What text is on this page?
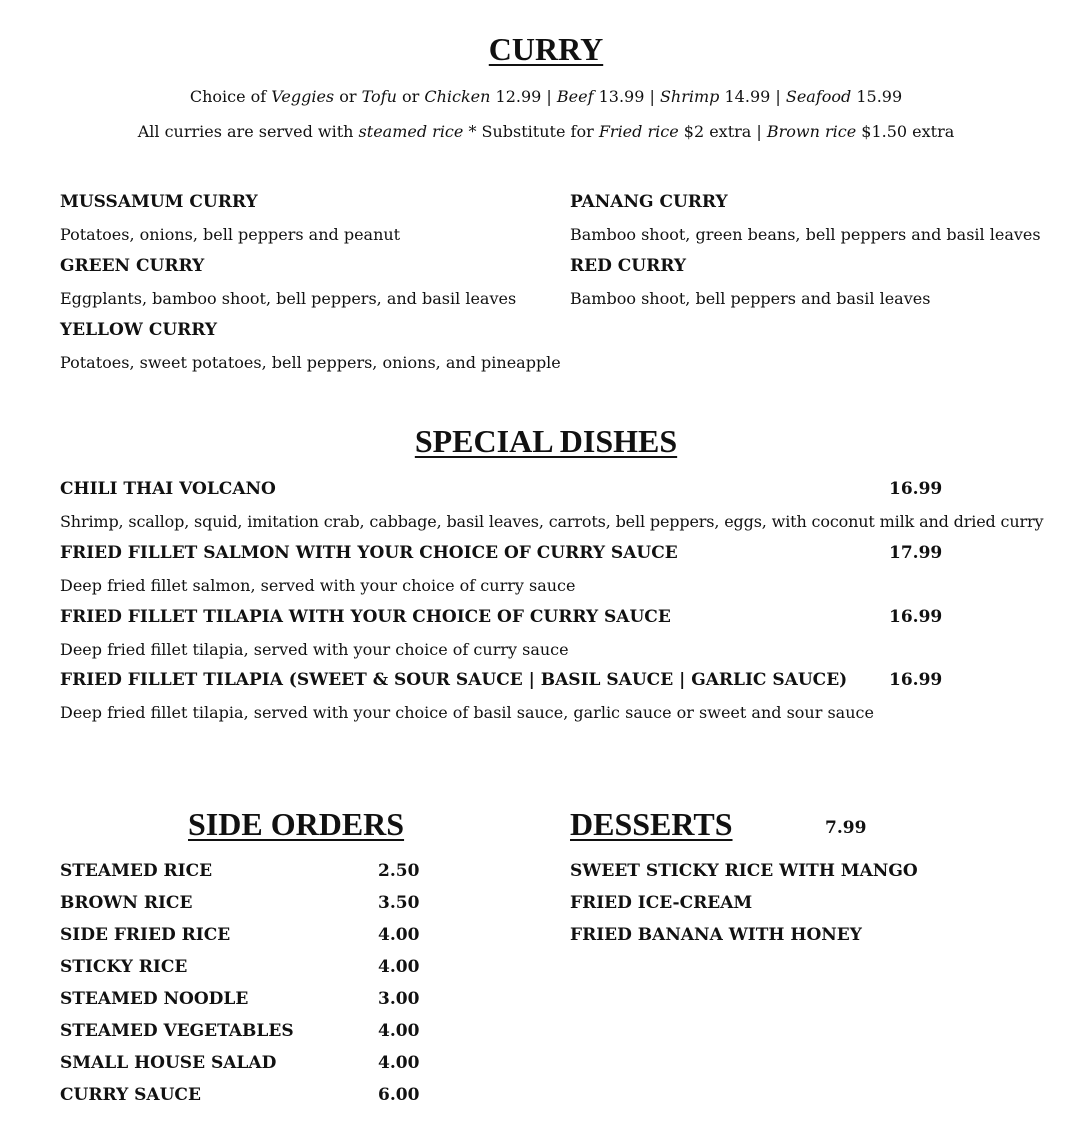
CURRY
Choice of Veggies or Tofu or Chicken 12.99 | Beef 13.99 | Shrimp 14.99 | Seafood 15.99
All curries are served with steamed rice * Substitute for Fried rice $2 extra | Brown rice $1.50 extra
MUSSAMUM CURRY
Potatoes, onions, bell peppers and peanut
GREEN CURRY
Eggplants, bamboo shoot, bell peppers, and basil leaves
YELLOW CURRY
Potatoes, sweet potatoes, bell peppers, onions, and pineapple
PANANG CURRY
Bamboo shoot, green beans, bell peppers and basil leaves
RED CURRY
Bamboo shoot, bell peppers and basil leaves
SPECIAL DISHES
CHILI THAI VOLCANO	16.99
Shrimp, scallop, squid, imitation crab, cabbage, basil leaves, carrots, bell peppers, eggs, with coconut milk and dried curry
FRIED FILLET SALMON WITH YOUR CHOICE OF CURRY SAUCE	17.99
Deep fried fillet salmon, served with your choice of curry sauce
FRIED FILLET TILAPIA WITH YOUR CHOICE OF CURRY SAUCE	16.99
Deep fried fillet tilapia, served with your choice of curry sauce
FRIED FILLET TILAPIA (SWEET & SOUR SAUCE | BASIL SAUCE | GARLIC SAUCE) 16.99
Deep fried fillet tilapia, served with your choice of basil sauce, garlic sauce or sweet and sour sauce
SIDE ORDERS
STEAMED RICE	2.50
BROWN RICE	3.50
SIDE FRIED RICE	4.00
STICKY RICE	4.00
STEAMED NOODLE	3.00
STEAMED VEGETABLES	4.00
SMALL HOUSE SALAD	4.00
CURRY SAUCE	6.00
DESSERTS	7.99
SWEET STICKY RICE WITH MANGO
FRIED ICE-CREAM
FRIED BANANA WITH HONEY
